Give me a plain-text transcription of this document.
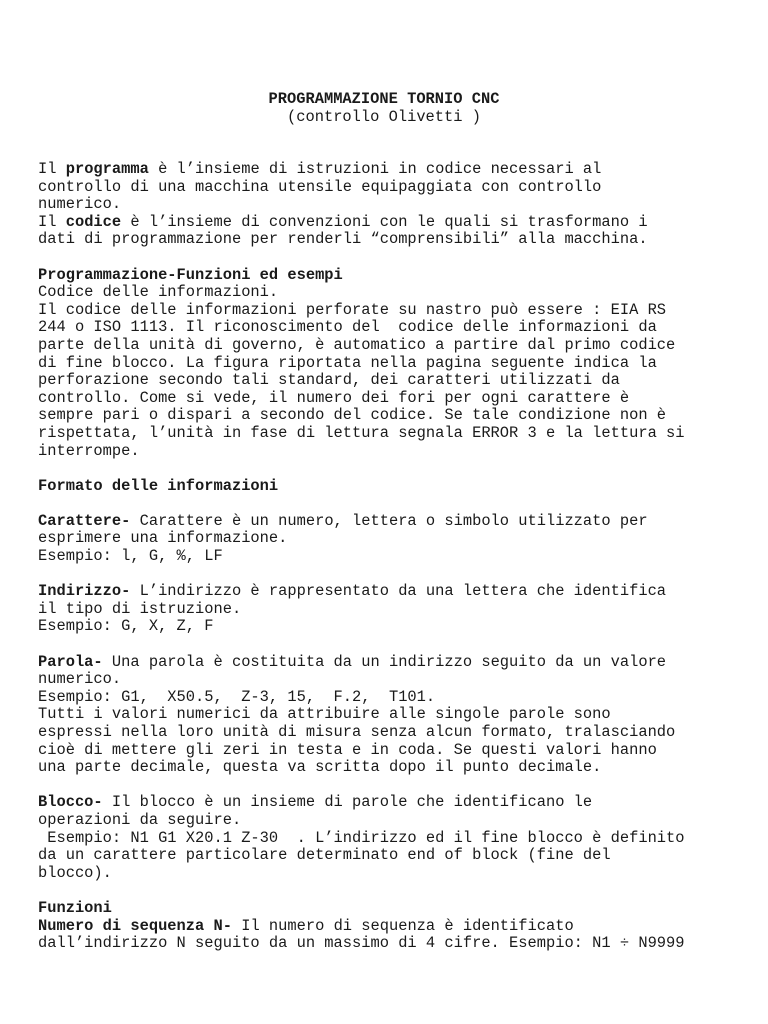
PROGRAMMAZIONE TORNIO CNC
(controllo Olivetti )
Il programma è l’insieme di istruzioni in codice necessari al
controllo di una macchina utensile equipaggiata con controllo
numerico.
Il codice è l’insieme di convenzioni con le quali si trasformano i
dati di programmazione per renderli “comprensibili” alla macchina.
Programmazione-Funzioni ed esempi
Codice delle informazioni.
Il codice delle informazioni perforate su nastro può essere : EIA RS
244 o ISO 1113. Il riconoscimento del  codice delle informazioni da
parte della unità di governo, è automatico a partire dal primo codice
di fine blocco. La figura riportata nella pagina seguente indica la
perforazione secondo tali standard, dei caratteri utilizzati da
controllo. Come si vede, il numero dei fori per ogni carattere è
sempre pari o dispari a secondo del codice. Se tale condizione non è
rispettata, l’unità in fase di lettura segnala ERROR 3 e la lettura si
interrompe.
Formato delle informazioni
Carattere- Carattere è un numero, lettera o simbolo utilizzato per
esprimere una informazione.
Esempio: l, G, %, LF
Indirizzo- L’indirizzo è rappresentato da una lettera che identifica
il tipo di istruzione.
Esempio: G, X, Z, F
Parola- Una parola è costituita da un indirizzo seguito da un valore
numerico.
Esempio: G1,  X50.5,  Z-3, 15,  F.2,  T101.
Tutti i valori numerici da attribuire alle singole parole sono
espressi nella loro unità di misura senza alcun formato, tralasciando
cioè di mettere gli zeri in testa e in coda. Se questi valori hanno
una parte decimale, questa va scritta dopo il punto decimale.
Blocco- Il blocco è un insieme di parole che identificano le
operazioni da seguire.
Esempio: N1 G1 X20.1 Z-30  . L’indirizzo ed il fine blocco è definito
da un carattere particolare determinato end of block (fine del
blocco).
Funzioni
Numero di sequenza N- Il numero di sequenza è identificato
dall’indirizzo N seguito da un massimo di 4 cifre. Esempio: N1 ÷ N9999
